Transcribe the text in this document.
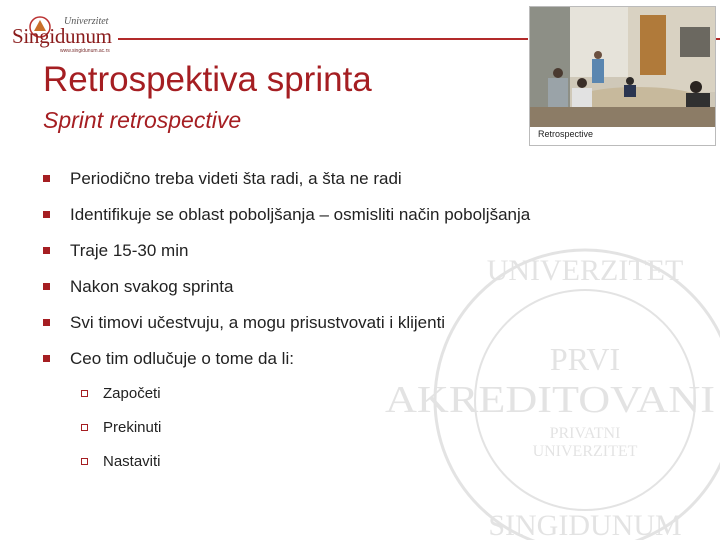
Univerzitet
Singidunum
www.singidunum.ac.rs
Retrospektiva sprinta
Sprint retrospective
Retrospective
UNIVERZITET
SINGIDUNUM
PRVI
AKREDITOVANI
PRIVATNI
UNIVERZITET
Periodično treba videti šta radi, a šta ne radi
Identifikuje se oblast poboljšanja – osmisliti način poboljšanja
Traje 15-30 min
Nakon svakog sprinta
Svi timovi učestvuju, a mogu prisustvovati i klijenti
Ceo tim odlučuje o tome da li:
Započeti
Prekinuti
Nastaviti
